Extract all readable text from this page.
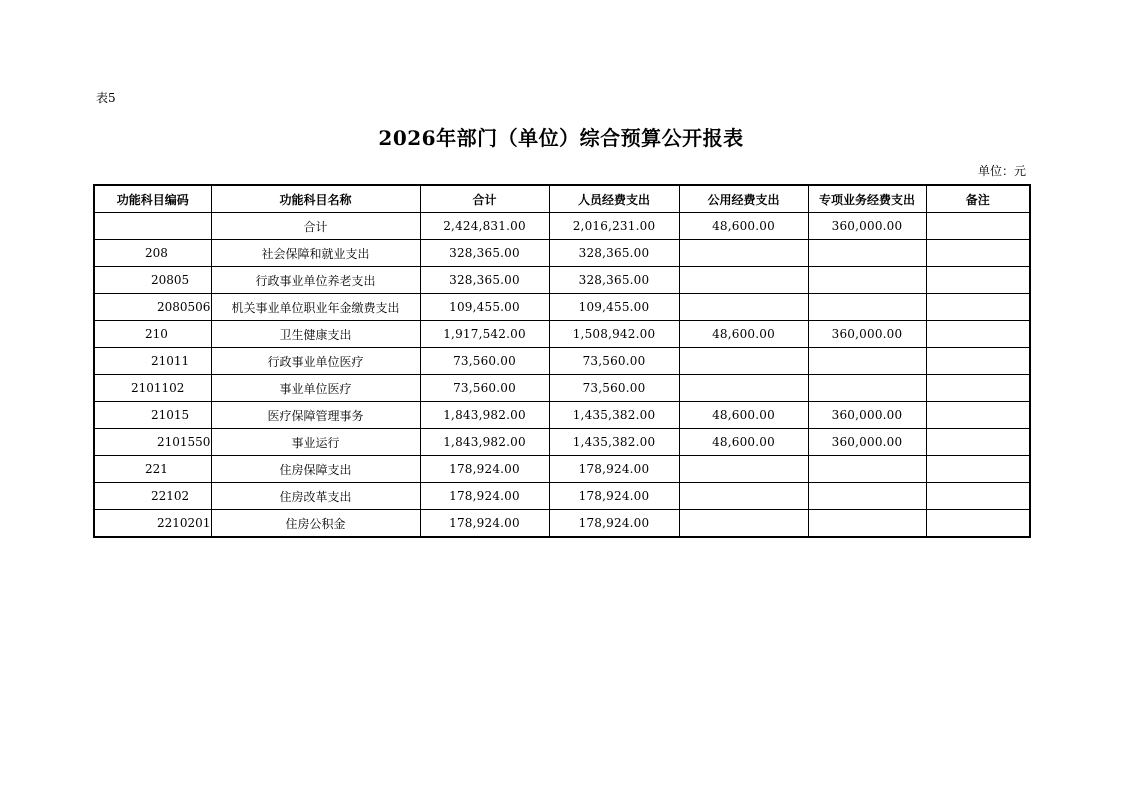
表5
2026年部门（单位）综合预算公开报表
单位：元
功能科目编码	功能科目名称	合计	人员经费支出	公用经费支出	专项业务经费支出	备注
	合计	2,424,831.00	2,016,231.00	48,600.00	360,000.00	
208	社会保障和就业支出	328,365.00	328,365.00			
20805	行政事业单位养老支出	328,365.00	328,365.00			
2080506	机关事业单位职业年金缴费支出	109,455.00	109,455.00			
210	卫生健康支出	1,917,542.00	1,508,942.00	48,600.00	360,000.00	
21011	行政事业单位医疗	73,560.00	73,560.00			
2101102	事业单位医疗	73,560.00	73,560.00			
21015	医疗保障管理事务	1,843,982.00	1,435,382.00	48,600.00	360,000.00	
2101550	事业运行	1,843,982.00	1,435,382.00	48,600.00	360,000.00	
221	住房保障支出	178,924.00	178,924.00			
22102	住房改革支出	178,924.00	178,924.00			
2210201	住房公积金	178,924.00	178,924.00			
